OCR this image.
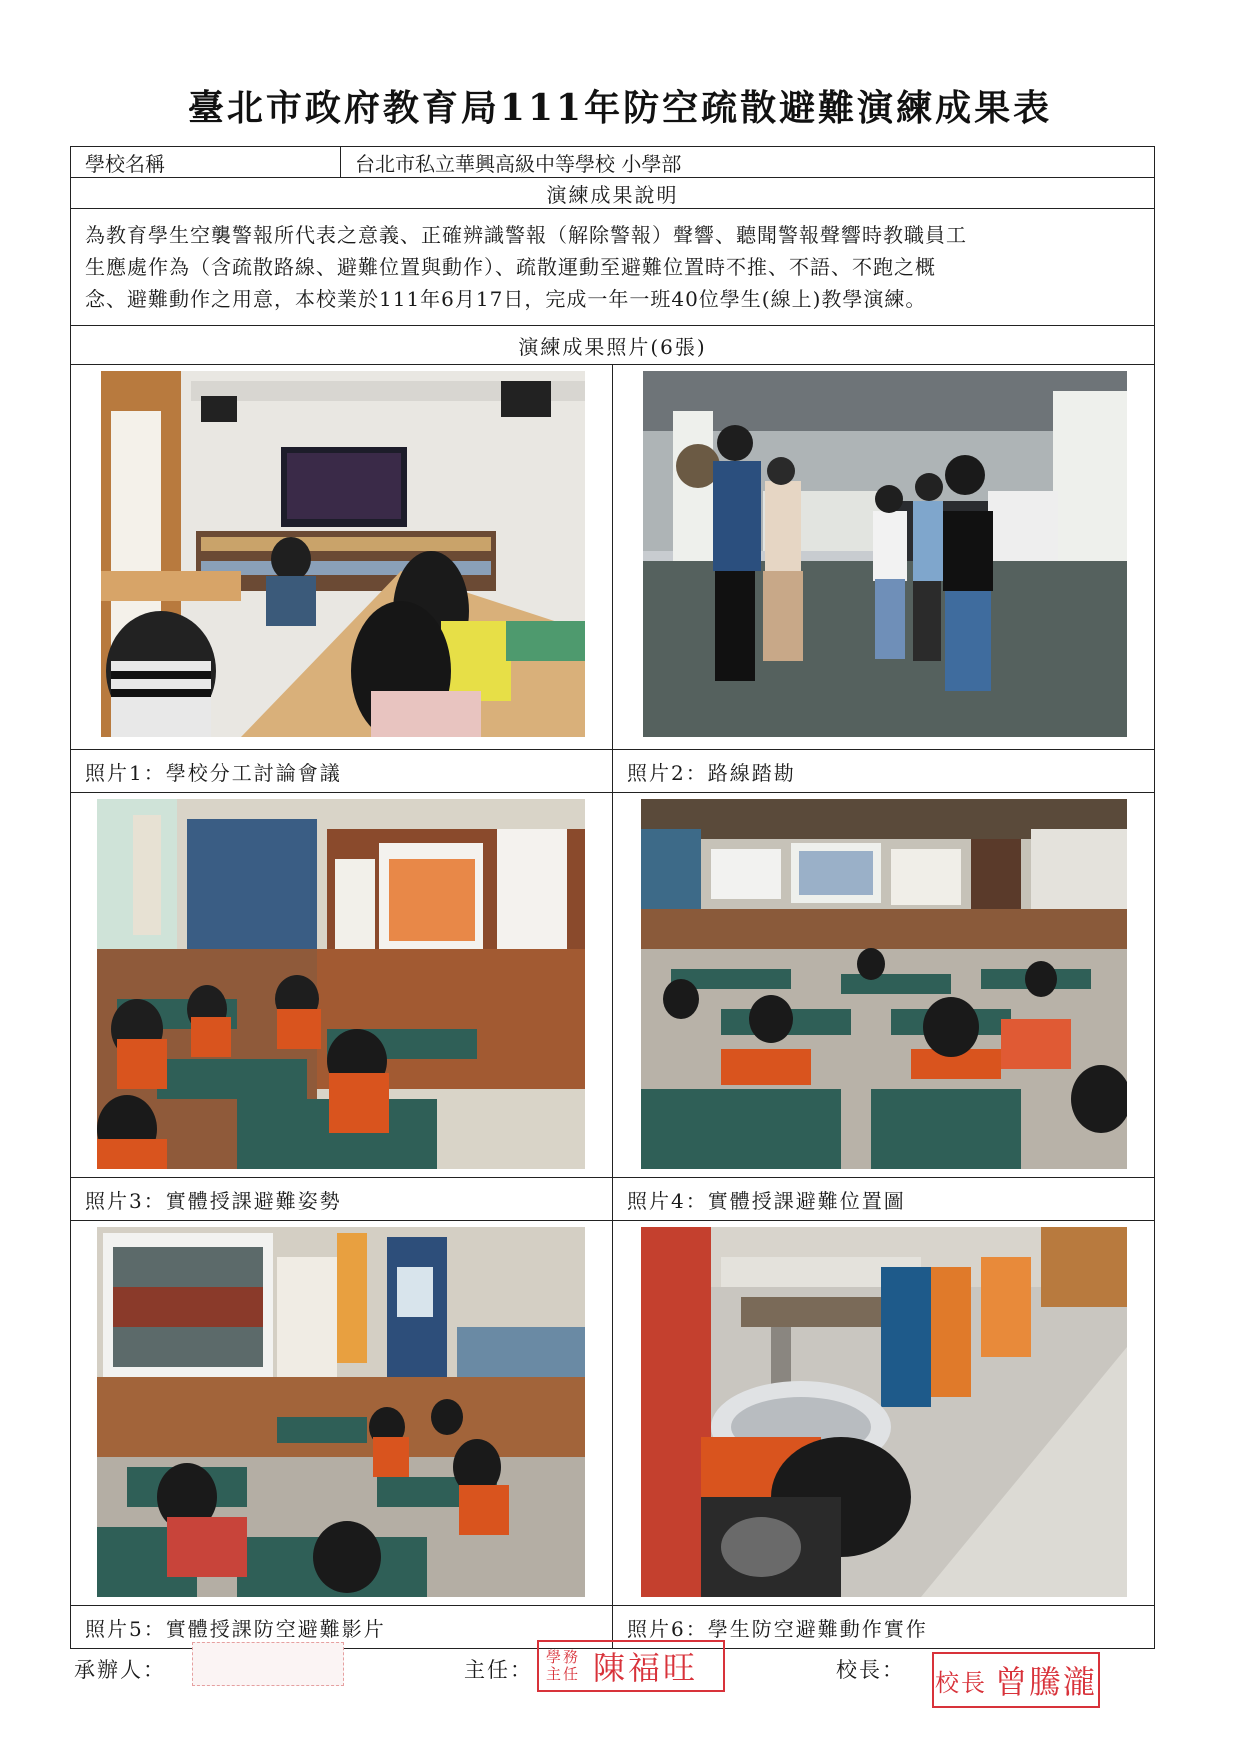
臺北市政府教育局111年防空疏散避難演練成果表
學校名稱	台北市私立華興高級中等學校 小學部	
演練成果說明		

為教育學生空襲警報所代表之意義、正確辨識警報（解除警報）聲響、聽聞警報聲響時教職員工
生應處作為（含疏散路線、避難位置與動作）、疏散運動至避難位置時不推、不語、不跑之概
念、避難動作之用意，本校業於111年6月17日，完成一年一班40位學生(線上)教學演練。		

演練成果照片(6張)		

照片1：學校分工討論會議		照片2：路線踏勘

照片3：實體授課避難姿勢		照片4：實體授課避難位置圖

照片5：實體授課防空避難影片		照片6：學生防空避難動作實作
承辦人：	主任：
學務
主任 陳福旺	校長： 校長 曾騰瀧
